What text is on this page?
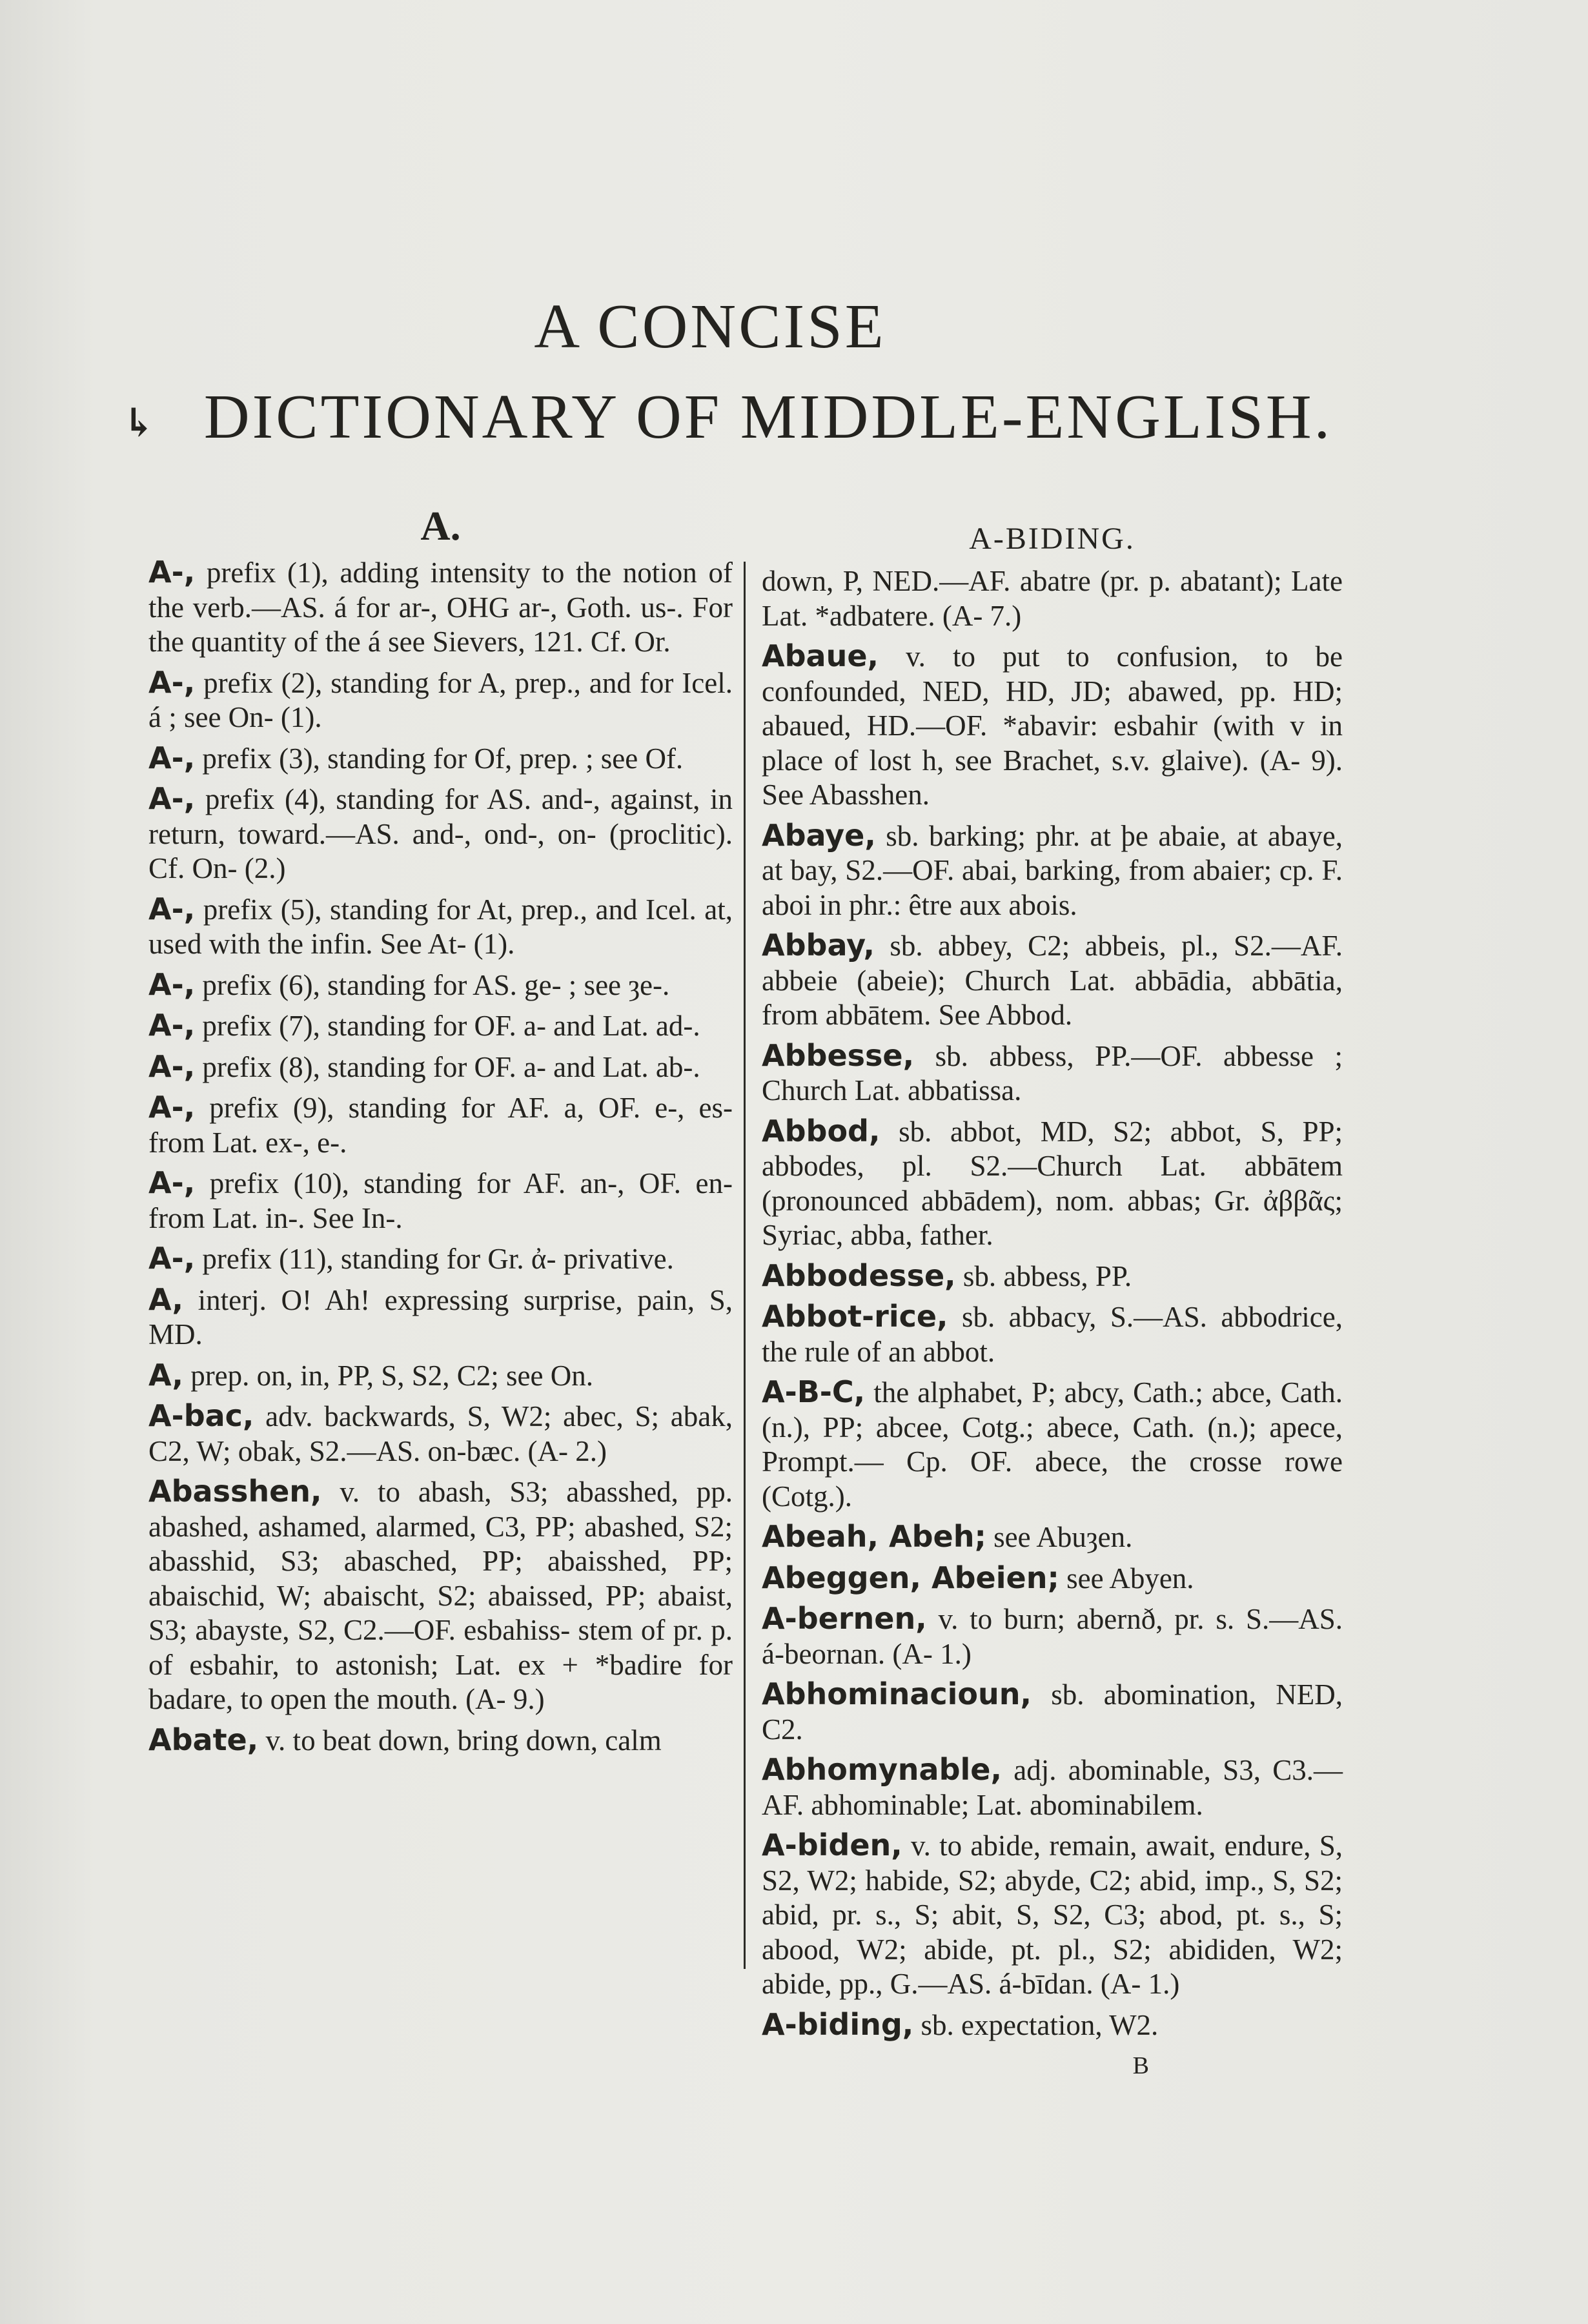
A CONCISE
↳ DICTIONARY OF MIDDLE-ENGLISH.
A.

A-, prefix (1), adding intensity to the notion of the verb.—AS. á for ar-, OHG ar-, Goth. us-. For the quantity of the á see Sievers, 121. Cf. Or.

A-, prefix (2), standing for A, prep., and for Icel. á ; see On- (1).

A-, prefix (3), standing for Of, prep. ; see Of.

A-, prefix (4), standing for AS. and-, against, in return, toward.—AS. and-, ond-, on- (proclitic). Cf. On- (2.)

A-, prefix (5), standing for At, prep., and Icel. at, used with the infin. See At- (1).

A-, prefix (6), standing for AS. ge- ; see ȝe-.

A-, prefix (7), standing for OF. a- and Lat. ad-.

A-, prefix (8), standing for OF. a- and Lat. ab-.

A-, prefix (9), standing for AF. a, OF. e-, es- from Lat. ex-, e-.

A-, prefix (10), standing for AF. an-, OF. en- from Lat. in-. See In-.

A-, prefix (11), standing for Gr. ἀ- privative.

A, interj. O! Ah! expressing surprise, pain, S, MD.

A, prep. on, in, PP, S, S2, C2; see On.

A-bac, adv. backwards, S, W2; abec, S; abak, C2, W; obak, S2.—AS. on-bæc. (A- 2.)

Abasshen, v. to abash, S3; abasshed, pp. abashed, ashamed, alarmed, C3, PP; abashed, S2; abasshid, S3; abasched, PP; abaisshed, PP; abaischid, W; abaischt, S2; abaissed, PP; abaist, S3; abayste, S2, C2.—OF. esbahiss- stem of pr. p. of esbahir, to astonish; Lat. ex + *badire for badare, to open the mouth. (A- 9.)

Abate, v. to beat down, bring down, calm

A-BIDING.

down, P, NED.—AF. abatre (pr. p. abatant); Late Lat. *adbatere. (A- 7.)

Abaue, v. to put to confusion, to be confounded, NED, HD, JD; abawed, pp. HD; abaued, HD.—OF. *abavir: esbahir (with v in place of lost h, see Brachet, s.v. glaive). (A- 9). See Abasshen.

Abaye, sb. barking; phr. at þe abaie, at abaye, at bay, S2.—OF. abai, barking, from abaier; cp. F. aboi in phr.: être aux abois.

Abbay, sb. abbey, C2; abbeis, pl., S2.—AF. abbeie (abeie); Church Lat. abbādia, abbātia, from abbātem. See Abbod.

Abbesse, sb. abbess, PP.—OF. abbesse ; Church Lat. abbatissa.

Abbod, sb. abbot, MD, S2; abbot, S, PP; abbodes, pl. S2.—Church Lat. abbātem (pronounced abbādem), nom. abbas; Gr. ἀββᾶς; Syriac, abba, father.

Abbodesse, sb. abbess, PP.

Abbot-rice, sb. abbacy, S.—AS. abbodrice, the rule of an abbot.

A-B-C, the alphabet, P; abcy, Cath.; abce, Cath. (n.), PP; abcee, Cotg.; abece, Cath. (n.); apece, Prompt.— Cp. OF. abece, the crosse rowe (Cotg.).

Abeah, Abeh; see Abuȝen.

Abeggen, Abeien; see Abyen.

A-bernen, v. to burn; abernð, pr. s. S.—AS. á-beornan. (A- 1.)

Abhominacioun, sb. abomination, NED, C2.

Abhomynable, adj. abominable, S3, C3.—AF. abhominable; Lat. abominabilem.

A-biden, v. to abide, remain, await, endure, S, S2, W2; habide, S2; abyde, C2; abid, imp., S, S2; abid, pr. s., S; abit, S, S2, C3; abod, pt. s., S; abood, W2; abide, pt. pl., S2; abididen, W2; abide, pp., G.—AS. á-bīdan. (A- 1.)

A-biding, sb. expectation, W2.

B
